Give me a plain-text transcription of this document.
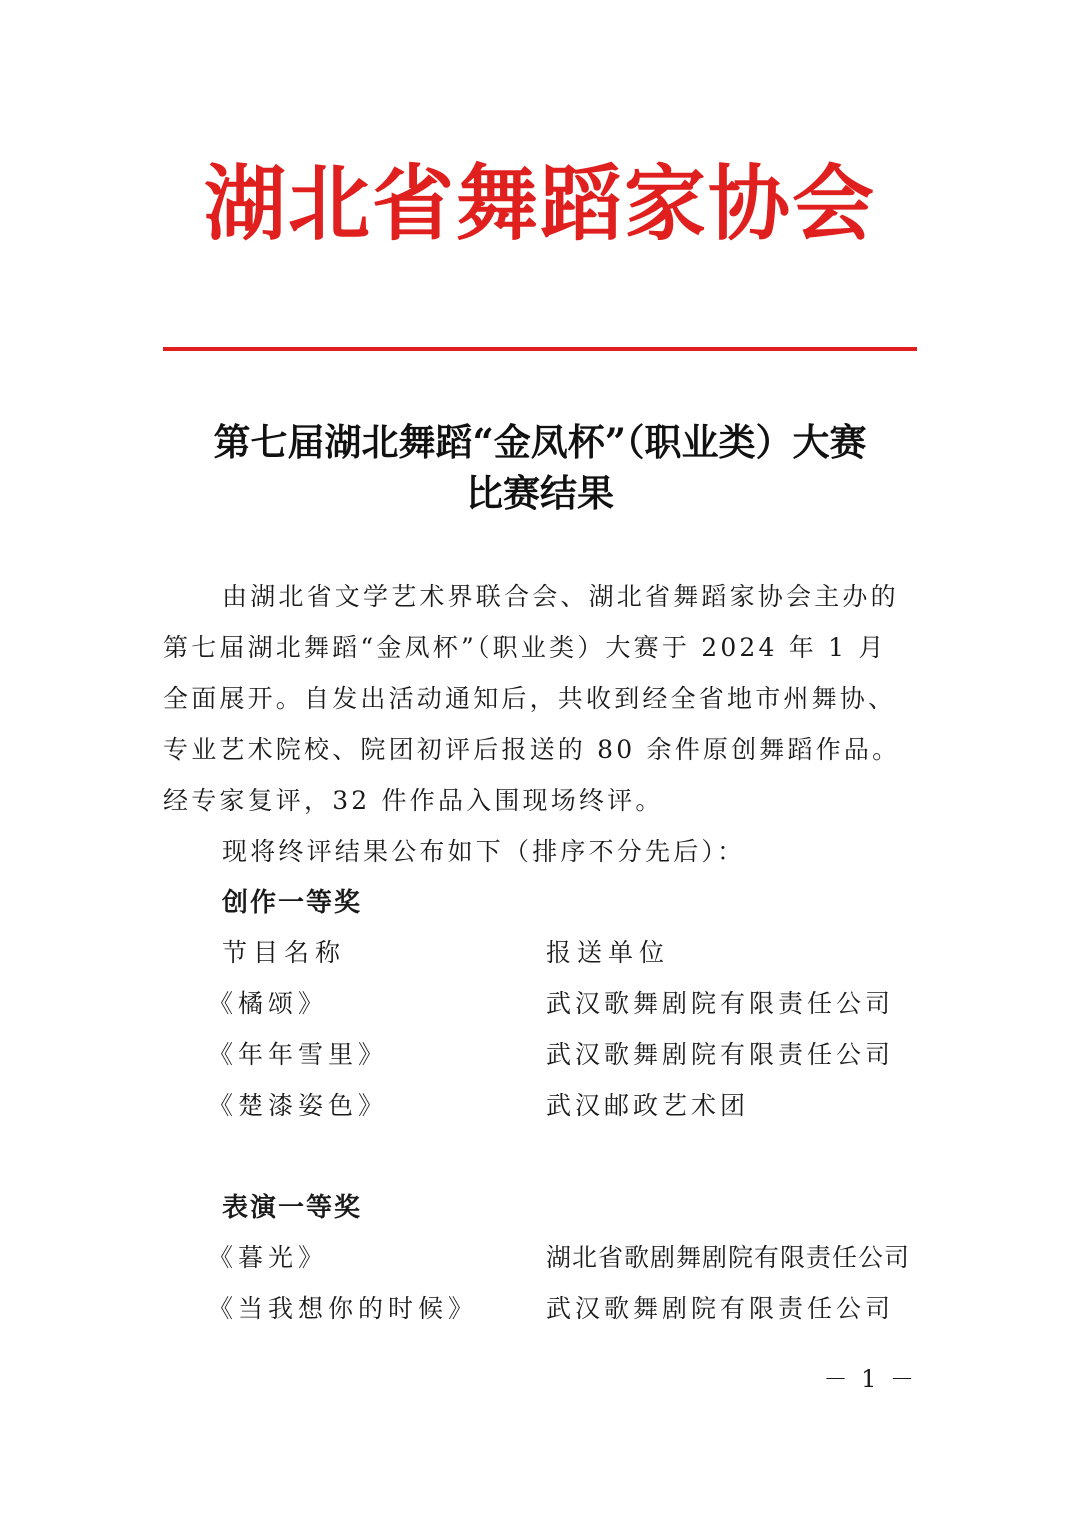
湖北省舞蹈家协会
第七届湖北舞蹈“金凤杯”（职业类）大赛
比赛结果
由湖北省文学艺术界联合会、湖北省舞蹈家协会主办的
第七届湖北舞蹈“金凤杯”（职业类）大赛于 2024 年 1 月
全面展开。自发出活动通知后，共收到经全省地市州舞协、
专业艺术院校、院团初评后报送的 80 余件原创舞蹈作品。
经专家复评，32 件作品入围现场终评。
现将终评结果公布如下（排序不分先后）：
创作一等奖
节目名称	报送单位
《橘颂》	武汉歌舞剧院有限责任公司
《年年雪里》	武汉歌舞剧院有限责任公司
《楚漆姿色》	武汉邮政艺术团
表演一等奖
《暮光》	湖北省歌剧舞剧院有限责任公司
《当我想你的时候》	武汉歌舞剧院有限责任公司
－ 1 －
